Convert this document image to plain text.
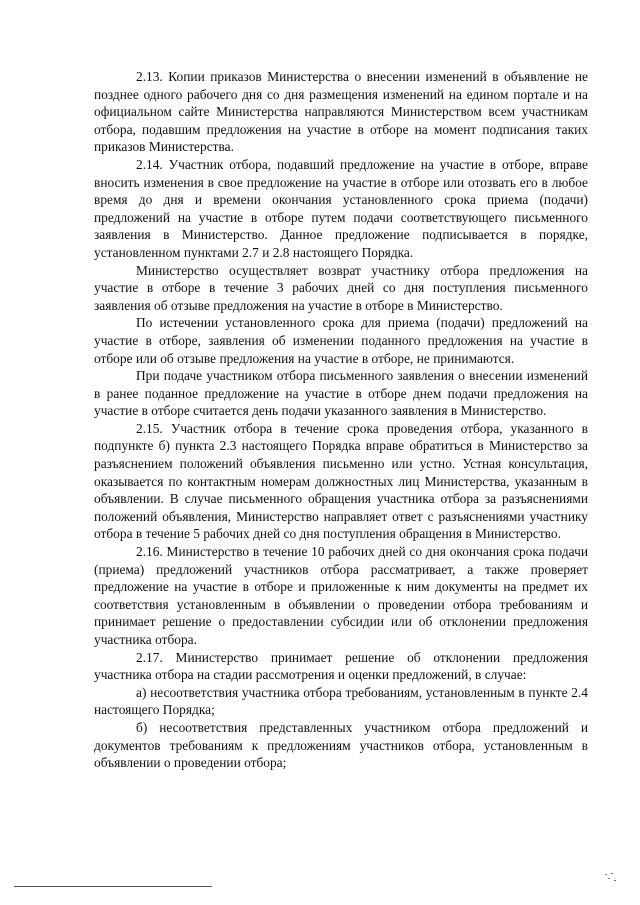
2.13. Копии приказов Министерства о внесении изменений в объявление не позднее одного рабочего дня со дня размещения изменений на едином портале и на официальном сайте Министерства направляются Министерством всем участникам отбора, подавшим предложения на участие в отборе на момент подписания таких приказов Министерства.

2.14. Участник отбора, подавший предложение на участие в отборе, вправе вносить изменения в свое предложение на участие в отборе или отозвать его в любое время до дня и времени окончания установленного срока приема (подачи) предложений на участие в отборе путем подачи соответствующего письменного заявления в Министерство. Данное предложение подписывается в порядке, установленном пунктами 2.7 и 2.8 настоящего Порядка.

Министерство осуществляет возврат участнику отбора предложения на участие в отборе в течение 3 рабочих дней со дня поступления письменного заявления об отзыве предложения на участие в отборе в Министерство.

По истечении установленного срока для приема (подачи) предложений на участие в отборе, заявления об изменении поданного предложения на участие в отборе или об отзыве предложения на участие в отборе, не принимаются.

При подаче участником отбора письменного заявления о внесении изменений в ранее поданное предложение на участие в отборе днем подачи предложения на участие в отборе считается день подачи указанного заявления в Министерство.

2.15. Участник отбора в течение срока проведения отбора, указанного в подпункте б) пункта 2.3 настоящего Порядка вправе обратиться в Министерство за разъяснением положений объявления письменно или устно. Устная консультация, оказывается по контактным номерам должностных лиц Министерства, указанным в объявлении. В случае письменного обращения участника отбора за разъяснениями положений объявления, Министерство направляет ответ с разъяснениями участнику отбора в течение 5 рабочих дней со дня поступления обращения в Министерство.

2.16. Министерство в течение 10 рабочих дней со дня окончания срока подачи (приема) предложений участников отбора рассматривает, а также проверяет предложение на участие в отборе и приложенные к ним документы на предмет их соответствия установленным в объявлении о проведении отбора требованиям и принимает решение о предоставлении субсидии или об отклонении предложения участника отбора.

2.17. Министерство принимает решение об отклонении предложения участника отбора на стадии рассмотрения и оценки предложений, в случае:

а) несоответствия участника отбора требованиям, установленным в пункте 2.4 настоящего Порядка;

б) несоответствия представленных участником отбора предложений и документов требованиям к предложениям участников отбора, установленным в объявлении о проведении отбора;
